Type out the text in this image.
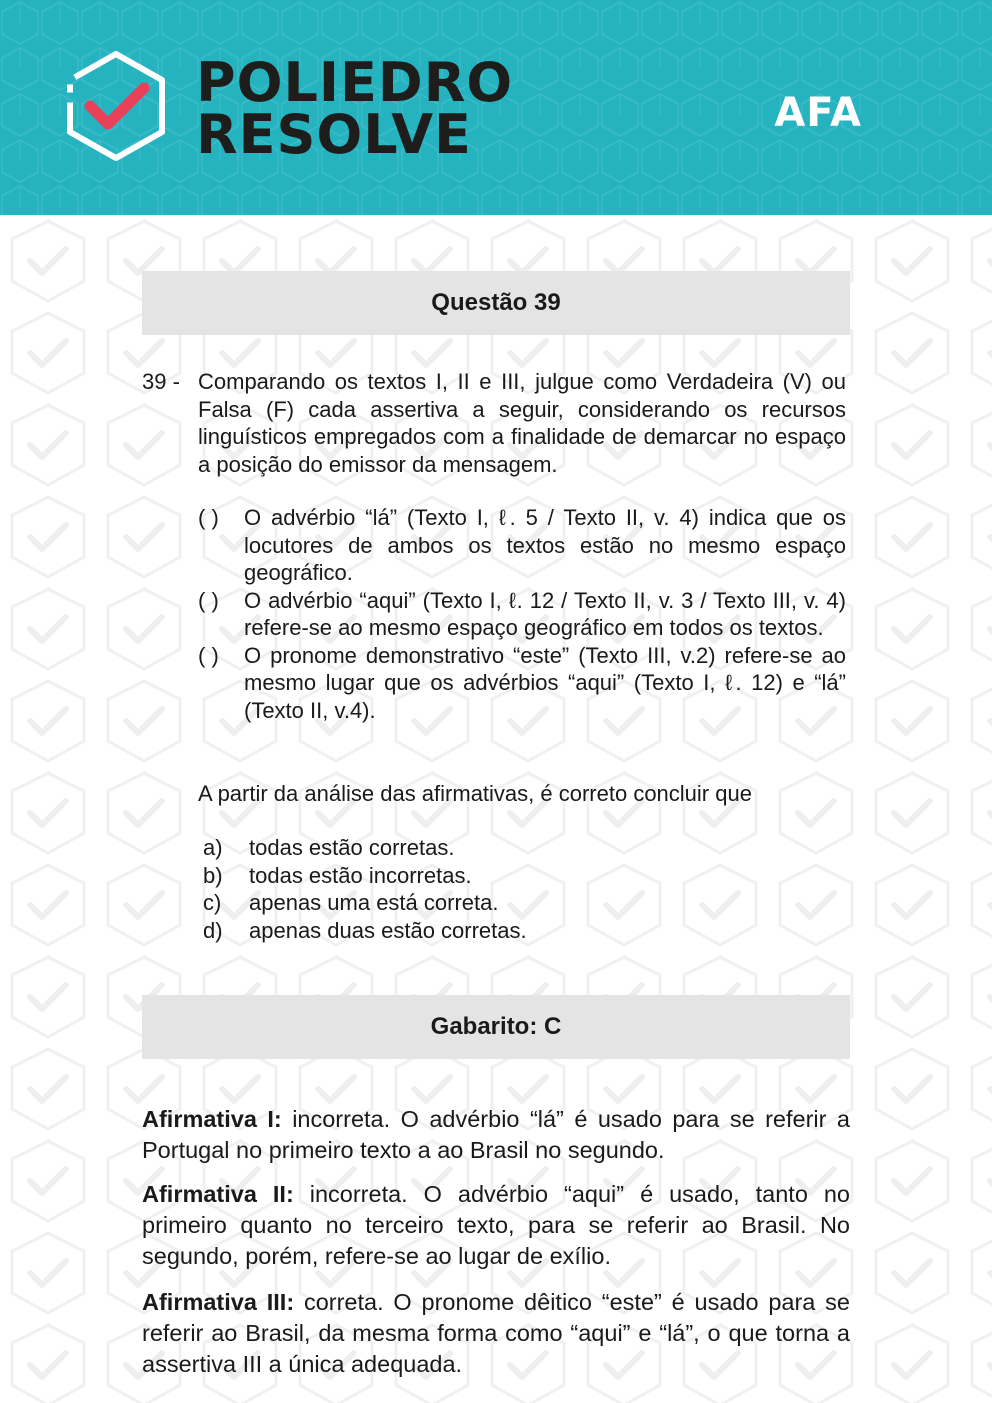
POLIEDRO
RESOLVE	AFA
Questão 39
39 - Comparando os textos I, II e III, julgue como Verdadeira (V) ou Falsa (F) cada assertiva a seguir, considerando os recursos linguísticos empregados com a finalidade de demarcar no espaço a posição do emissor da mensagem.
( ) O advérbio “lá” (Texto I, ℓ. 5 / Texto II, v. 4) indica que os locutores de ambos os textos estão no mesmo espaço geográfico.
( ) O advérbio “aqui” (Texto I, ℓ. 12 / Texto II, v. 3 / Texto III, v. 4) refere-se ao mesmo espaço geográfico em todos os textos.
( ) O pronome demonstrativo “este” (Texto III, v.2) refere-se ao mesmo lugar que os advérbios “aqui” (Texto I, ℓ. 12) e “lá” (Texto II, v.4).
A partir da análise das afirmativas, é correto concluir que
a)	todas estão corretas.
b)	todas estão incorretas.
c)	apenas uma está correta.
d)	apenas duas estão corretas.
Gabarito: C
Afirmativa I: incorreta. O advérbio “lá” é usado para se referir a Portugal no primeiro texto a ao Brasil no segundo.
Afirmativa II: incorreta. O advérbio “aqui” é usado, tanto no primeiro quanto no terceiro texto, para se referir ao Brasil. No segundo, porém, refere-se ao lugar de exílio.
Afirmativa III: correta. O pronome dêitico “este” é usado para se referir ao Brasil, da mesma forma como “aqui” e “lá”, o que torna a assertiva III a única adequada.
